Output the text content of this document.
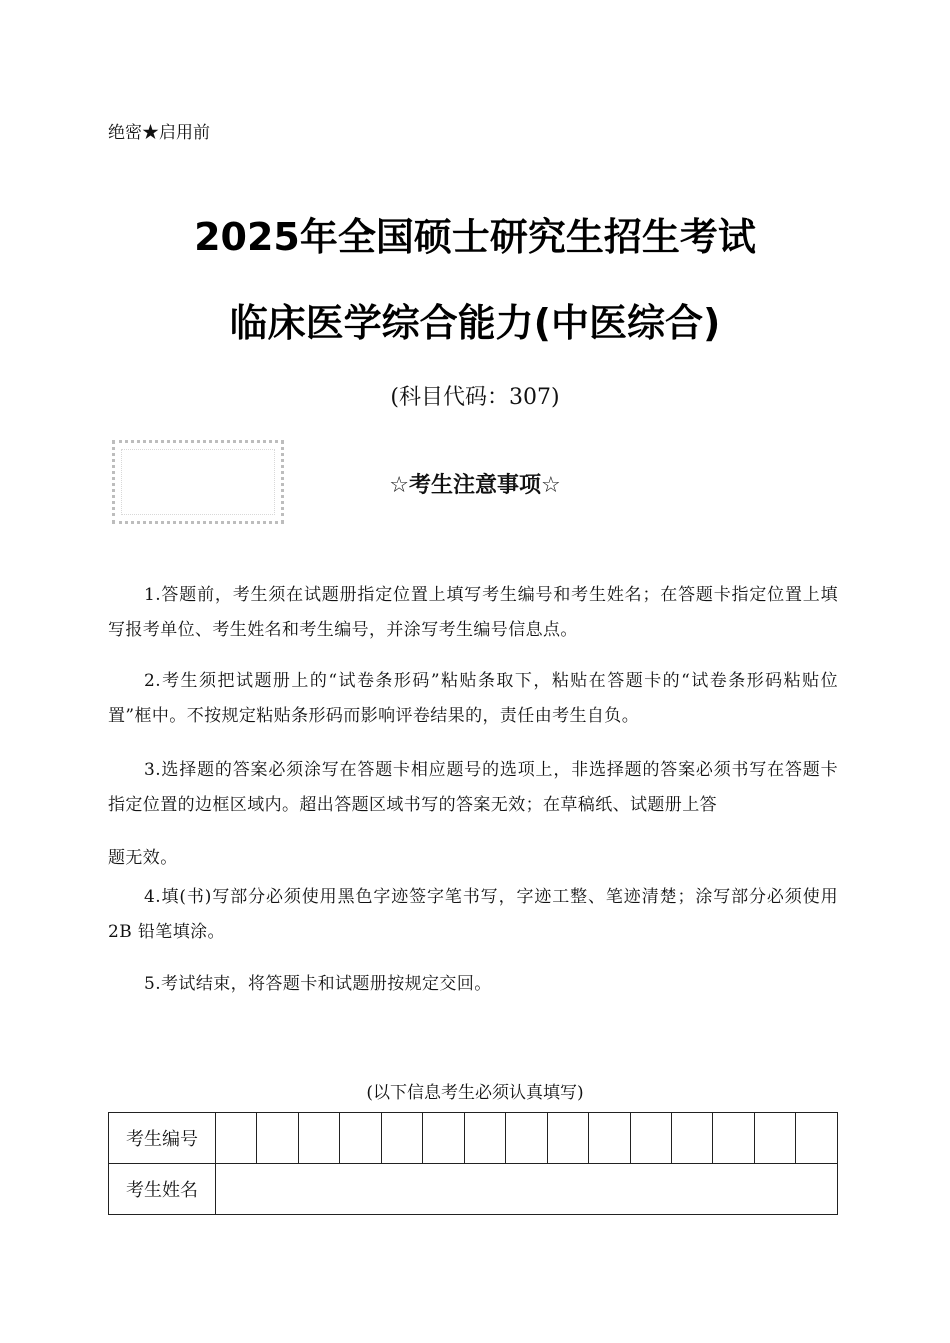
绝密★启用前
2025年全国硕士研究生招生考试
临床医学综合能力(中医综合)
(科目代码：307)
☆考生注意事项☆
1.答题前，考生须在试题册指定位置上填写考生编号和考生姓名；在答题卡指定位置上填写报考单位、考生姓名和考生编号，并涂写考生编号信息点。
2.考生须把试题册上的“试卷条形码”粘贴条取下，粘贴在答题卡的“试卷条形码粘贴位置”框中。不按规定粘贴条形码而影响评卷结果的，责任由考生自负。
3.选择题的答案必须涂写在答题卡相应题号的选项上，非选择题的答案必须书写在答题卡指定位置的边框区域内。超出答题区域书写的答案无效；在草稿纸、试题册上答
题无效。
4.填(书)写部分必须使用黑色字迹签字笔书写，字迹工整、笔迹清楚；涂写部分必须使用2B 铅笔填涂。
5.考试结束，将答题卡和试题册按规定交回。
(以下信息考生必须认真填写)
考生编号															
考生姓名															
